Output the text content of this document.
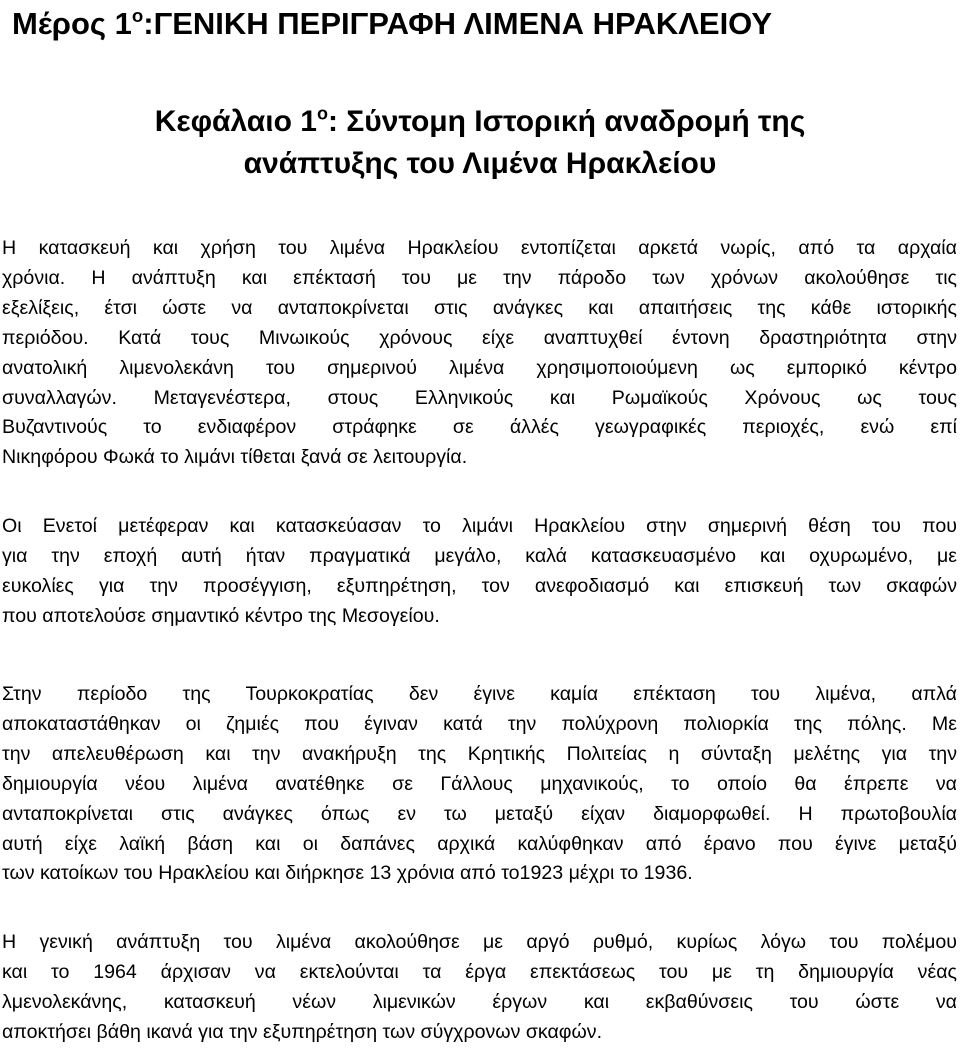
Μέρος $1^o:\Gamma ENIKH$ ΠΕΡΙΓΡΑΦΗ ΛΙΜΕΝΑ ΗΡΑΚΛΕΙΟΥ
Κεφάλαιο $1^o$: Σύντομη Ιστορική αναδρομή της
ανάπτυξης του Λιμένα Ηρακλείου

Η κατασκευή και χρήση του λιμένα Ηρακλείου εντοπίζεται αρκετά νωρίς, από τα αρχαία
χρόνια. Η ανάπτυξη και επέκτασή του με την πάροδο των χρόνων ακολούθησε τις
εξελίξεις, έτσι ώστε να ανταποκρίνεται στις ανάγκες και απαιτήσεις της κάθε ιστορικής
περιόδου. Κατά τους Μινωικούς χρόνους είχε αναπτυχθεί έντονη δραστηριότητα στην
ανατολική λιμενολεκάνη του σημερινού λιμένα χρησιμοποιούμενη ως εμπορικό κέντρο
συναλλαγών. Μεταγενέστερα, στους Ελληνικούς και Ρωμαϊκούς Χρόνους ως τους
Βυζαντινούς το ενδιαφέρον στράφηκε σε άλλές γεωγραφικές περιοχές, ενώ επί
Νικηφόρου Φωκά το λιμάνι τίθεται ξανά σε λειτουργία.

Οι Ενετοί μετέφεραν και κατασκεύασαν το λιμάνι Ηρακλείου στην σημερινή θέση του που
για την εποχή αυτή ήταν πραγματικά μεγάλο, καλά κατασκευασμένο και οχυρωμένο, με
ευκολίες για την προσέγγιση, εξυπηρέτηση, τον ανεφοδιασμό και επισκευή των σκαφών
που αποτελούσε σημαντικό κέντρο της Μεσογείου.

Στην περίοδο της Τουρκοκρατίας δεν έγινε καμία επέκταση του λιμένα, απλά
αποκαταστάθηκαν οι ζημιές που έγιναν κατά την πολύχρονη πολιορκία της πόλης. Με
την απελευθέρωση και την ανακήρυξη της Κρητικής Πολιτείας η σύνταξη μελέτης για την
δημιουργία νέου λιμένα ανατέθηκε σε Γάλλους μηχανικούς, το οποίο θα έπρεπε να
ανταποκρίνεται στις ανάγκες όπως εν τω μεταξύ είχαν διαμορφωθεί. Η πρωτοβουλία
αυτή είχε λαϊκή βάση και οι δαπάνες αρχικά καλύφθηκαν από έρανο που έγινε μεταξύ
των κατοίκων του Ηρακλείου και διήρκησε 13 χρόνια από το1923 μέχρι το 1936.

Η γενική ανάπτυξη του λιμένα ακολούθησε με αργό ρυθμό, κυρίως λόγω του πολέμου
και το 1964 άρχισαν να εκτελούνται τα έργα επεκτάσεως του με τη δημιουργία νέας
λμενολεκάνης, κατασκευή νέων λιμενικών έργων και εκβαθύνσεις του ώστε να
αποκτήσει βάθη ικανά για την εξυπηρέτηση των σύγχρονων σκαφών.
